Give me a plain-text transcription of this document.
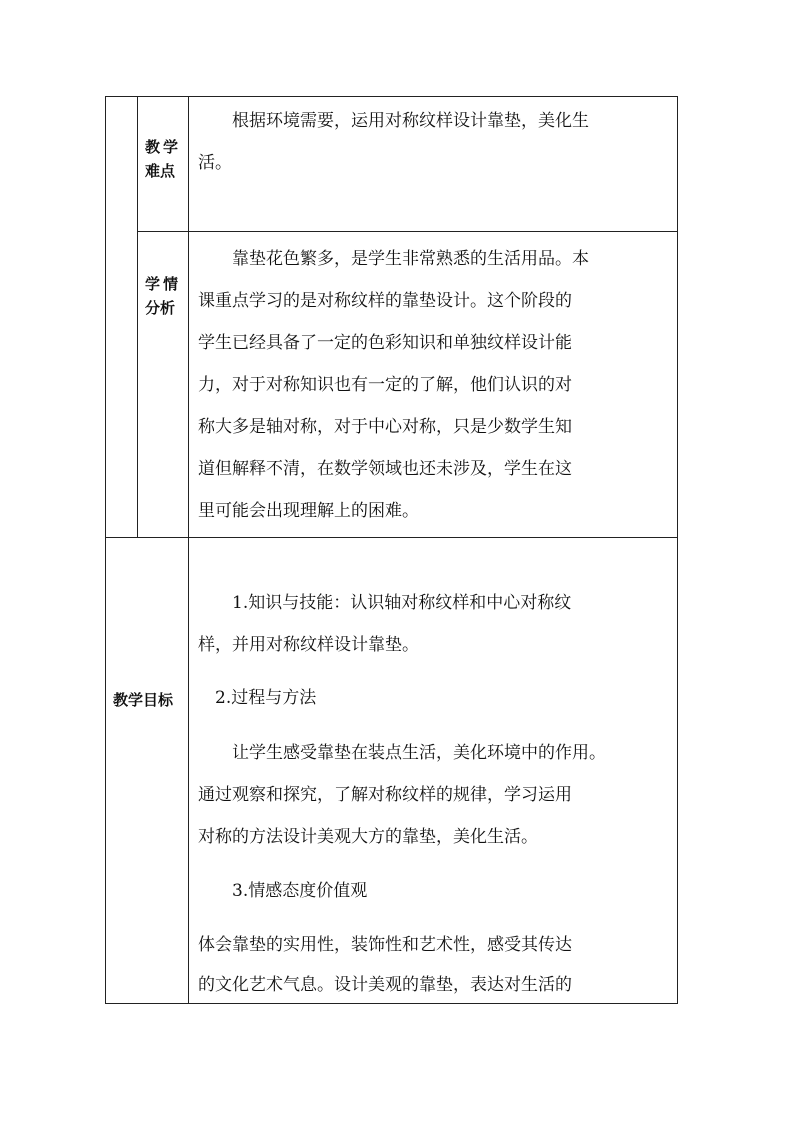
教学
难点
　　根据环境需要，运用对称纹样设计靠垫，美化生
活。
学情
分析
　　靠垫花色繁多，是学生非常熟悉的生活用品。本
课重点学习的是对称纹样的靠垫设计。这个阶段的
学生已经具备了一定的色彩知识和单独纹样设计能
力，对于对称知识也有一定的了解，他们认识的对
称大多是轴对称，对于中心对称，只是少数学生知
道但解释不清，在数学领域也还未涉及，学生在这
里可能会出现理解上的困难。
教学目标
　　1.知识与技能：认识轴对称纹样和中心对称纹
样，并用对称纹样设计靠垫。
　2.过程与方法
　　让学生感受靠垫在装点生活，美化环境中的作用。
通过观察和探究，了解对称纹样的规律，学习运用
对称的方法设计美观大方的靠垫，美化生活。
　　3.情感态度价值观
体会靠垫的实用性，装饰性和艺术性，感受其传达
的文化艺术气息。设计美观的靠垫，表达对生活的
